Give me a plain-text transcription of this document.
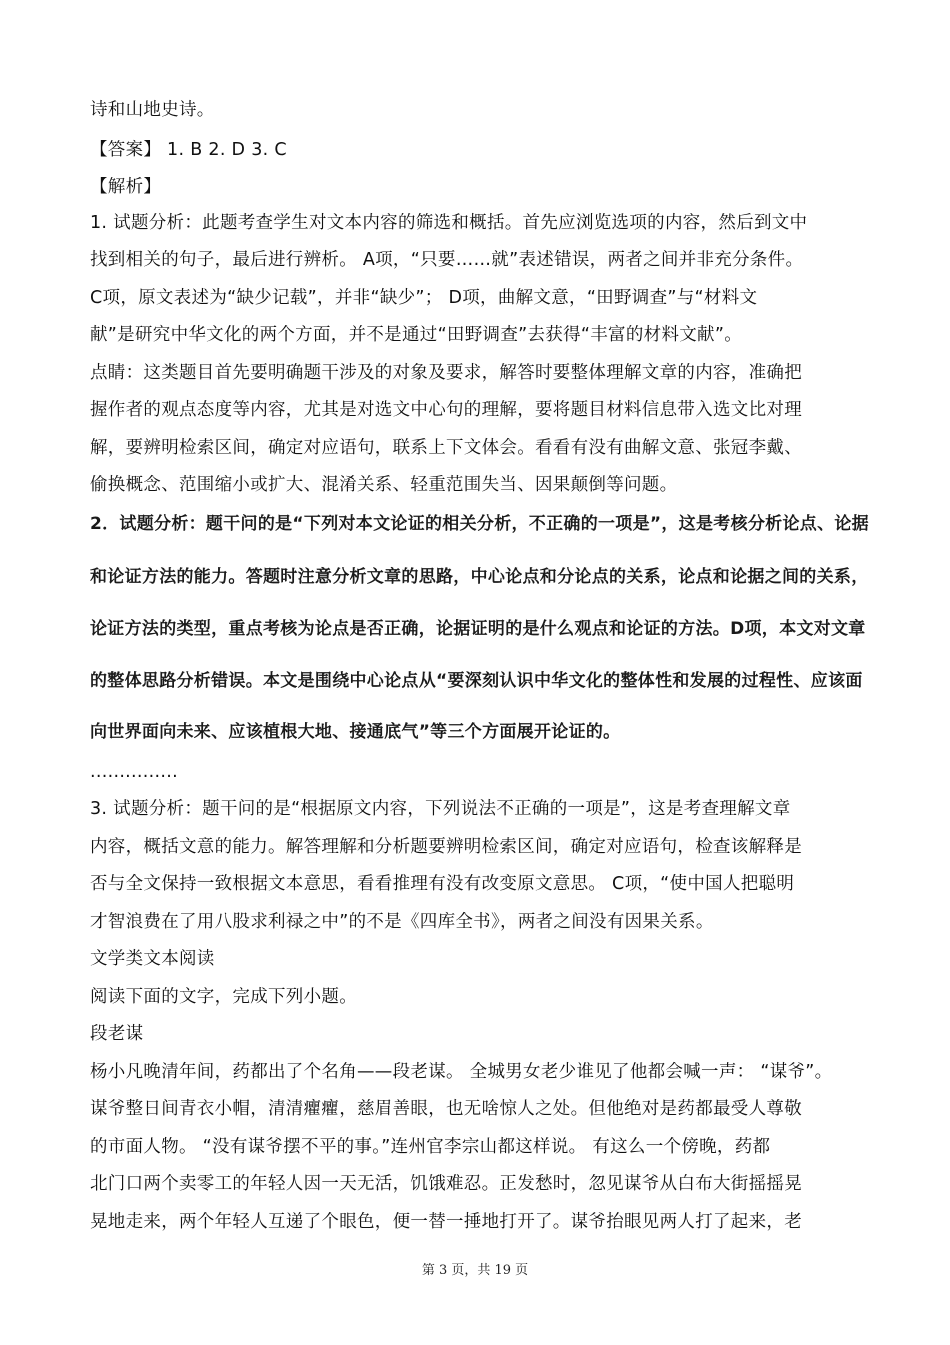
诗和山地史诗。
【答案】 1. B 2. D 3. C
【解析】
1. 试题分析：此题考查学生对文本内容的筛选和概括。首先应浏览选项的内容，然后到文中
找到相关的句子，最后进行辨析。 A项，“只要……就”表述错误，两者之间并非充分条件。
C项，原文表述为“缺少记载”，并非“缺少”； D项，曲解文意，“田野调查”与“材料文
献”是研究中华文化的两个方面，并不是通过“田野调查”去获得“丰富的材料文献”。
点睛：这类题目首先要明确题干涉及的对象及要求，解答时要整体理解文章的内容，准确把
握作者的观点态度等内容，尤其是对选文中心句的理解，要将题目材料信息带入选文比对理
解，要辨明检索区间，确定对应语句，联系上下文体会。看看有没有曲解文意、张冠李戴、
偷换概念、范围缩小或扩大、混淆关系、轻重范围失当、因果颠倒等问题。
2．试题分析：题干问的是“下列对本文论证的相关分析，不正确的一项是”，这是考核分析论点、论据
和论证方法的能力。答题时注意分析文章的思路，中心论点和分论点的关系，论点和论据之间的关系，
论证方法的类型，重点考核为论点是否正确，论据证明的是什么观点和论证的方法。D项，本文对文章
的整体思路分析错误。本文是围绕中心论点从“要深刻认识中华文化的整体性和发展的过程性、应该面
向世界面向未来、应该植根大地、接通底气”等三个方面展开论证的。
...............
3. 试题分析：题干问的是“根据原文内容，下列说法不正确的一项是”，这是考查理解文章
内容，概括文意的能力。解答理解和分析题要辨明检索区间，确定对应语句，检查该解释是
否与全文保持一致根据文本意思，看看推理有没有改变原文意思。 C项，“使中国人把聪明
才智浪费在了用八股求利禄之中”的不是《四库全书》，两者之间没有因果关系。
文学类文本阅读
阅读下面的文字，完成下列小题。
段老谋
杨小凡晚清年间，药都出了个名角——段老谋。 全城男女老少谁见了他都会喊一声： “谋爷”。
谋爷整日间青衣小帽，清清癯癯，慈眉善眼，也无啥惊人之处。但他绝对是药都最受人尊敬
的市面人物。 “没有谋爷摆不平的事。”连州官李宗山都这样说。 有这么一个傍晚，药都
北门口两个卖零工的年轻人因一天无活，饥饿难忍。正发愁时，忽见谋爷从白布大街摇摇晃
晃地走来，两个年轻人互递了个眼色，便一替一捶地打开了。谋爷抬眼见两人打了起来，老
第 3 页，共 19 页
